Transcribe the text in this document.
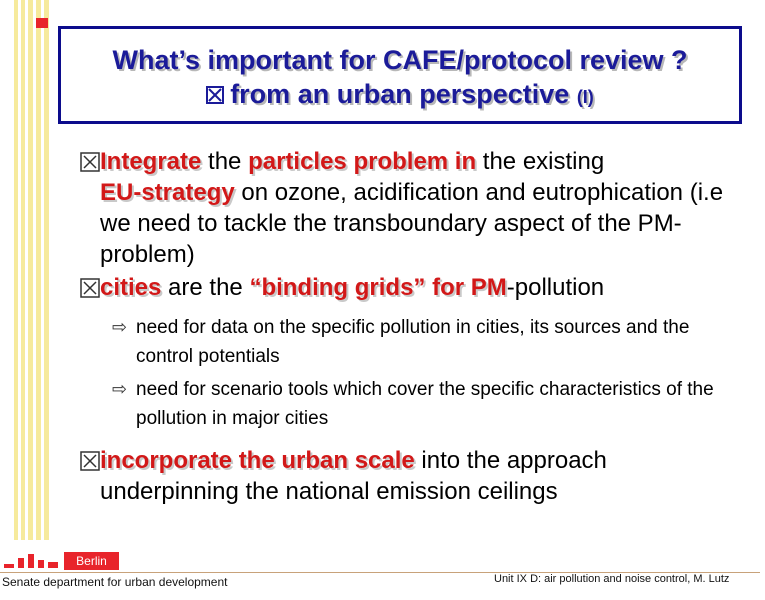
What’s important for CAFE/protocol review ?
from an urban perspective (I)

Integrate the particles problem in the existing
EU-strategy on ozone, acidification and eutrophication (i.e we need to tackle the transboundary aspect of the PM-problem)

cities are the “binding grids” for PM-pollution

⇨ need for data on the specific pollution in cities, its sources and the control potentials

⇨ need for scenario tools which cover the specific characteristics of the pollution in major cities

incorporate the urban scale into the approach underpinning the national emission ceilings

Berlin
Senate department for urban development	Unit IX D: air pollution and noise control, M. Lutz
